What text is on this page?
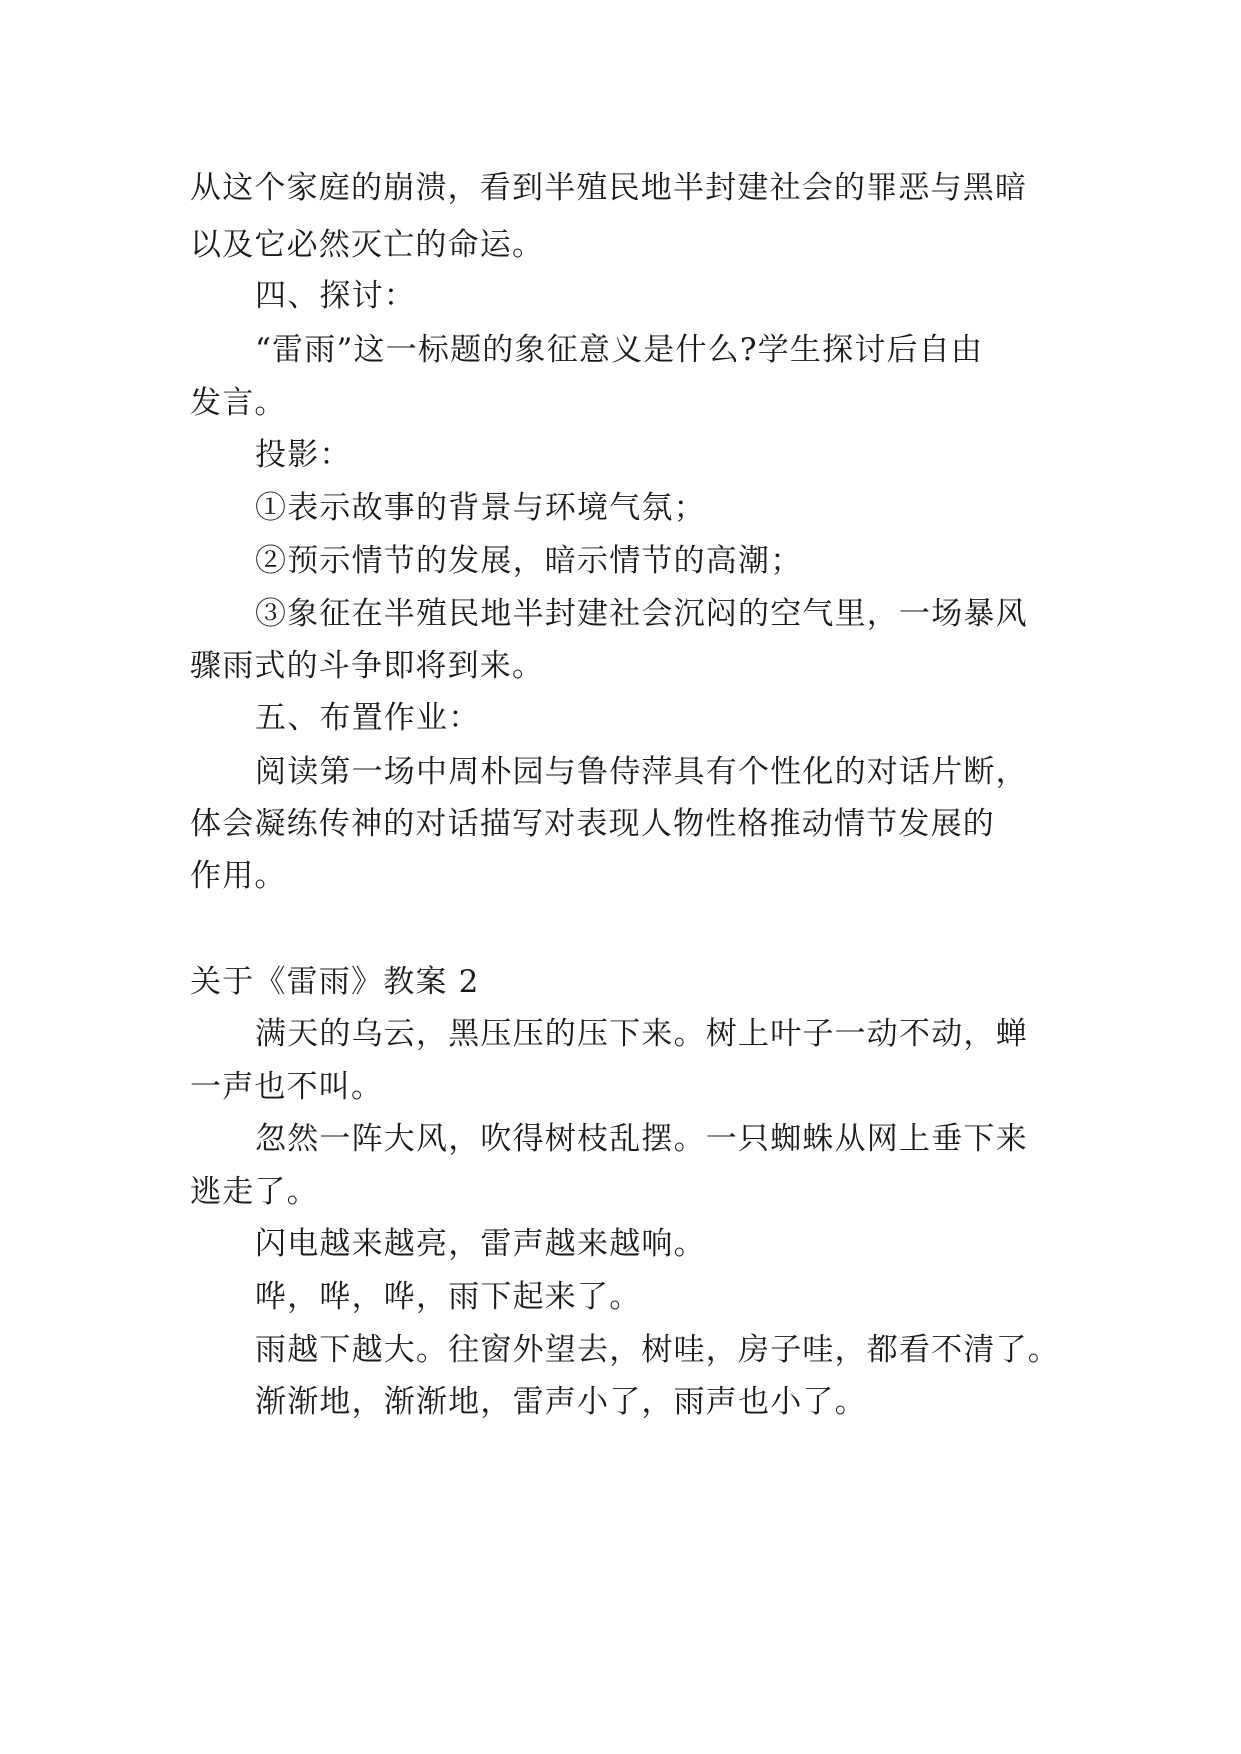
从这个家庭的崩溃，看到半殖民地半封建社会的罪恶与黑暗
以及它必然灭亡的命运。
四、探讨：
“雷雨”这一标题的象征意义是什么?学生探讨后自由
发言。
投影：
①表示故事的背景与环境气氛；
②预示情节的发展，暗示情节的高潮；
③象征在半殖民地半封建社会沉闷的空气里，一场暴风
骤雨式的斗争即将到来。
五、布置作业：
阅读第一场中周朴园与鲁侍萍具有个性化的对话片断，
体会凝练传神的对话描写对表现人物性格推动情节发展的
作用。
关于《雷雨》教案 2
满天的乌云，黑压压的压下来。树上叶子一动不动，蝉
一声也不叫。
忽然一阵大风，吹得树枝乱摆。一只蜘蛛从网上垂下来
逃走了。
闪电越来越亮，雷声越来越响。
哗，哗，哗，雨下起来了。
雨越下越大。往窗外望去，树哇，房子哇，都看不清了。
渐渐地，渐渐地，雷声小了，雨声也小了。
